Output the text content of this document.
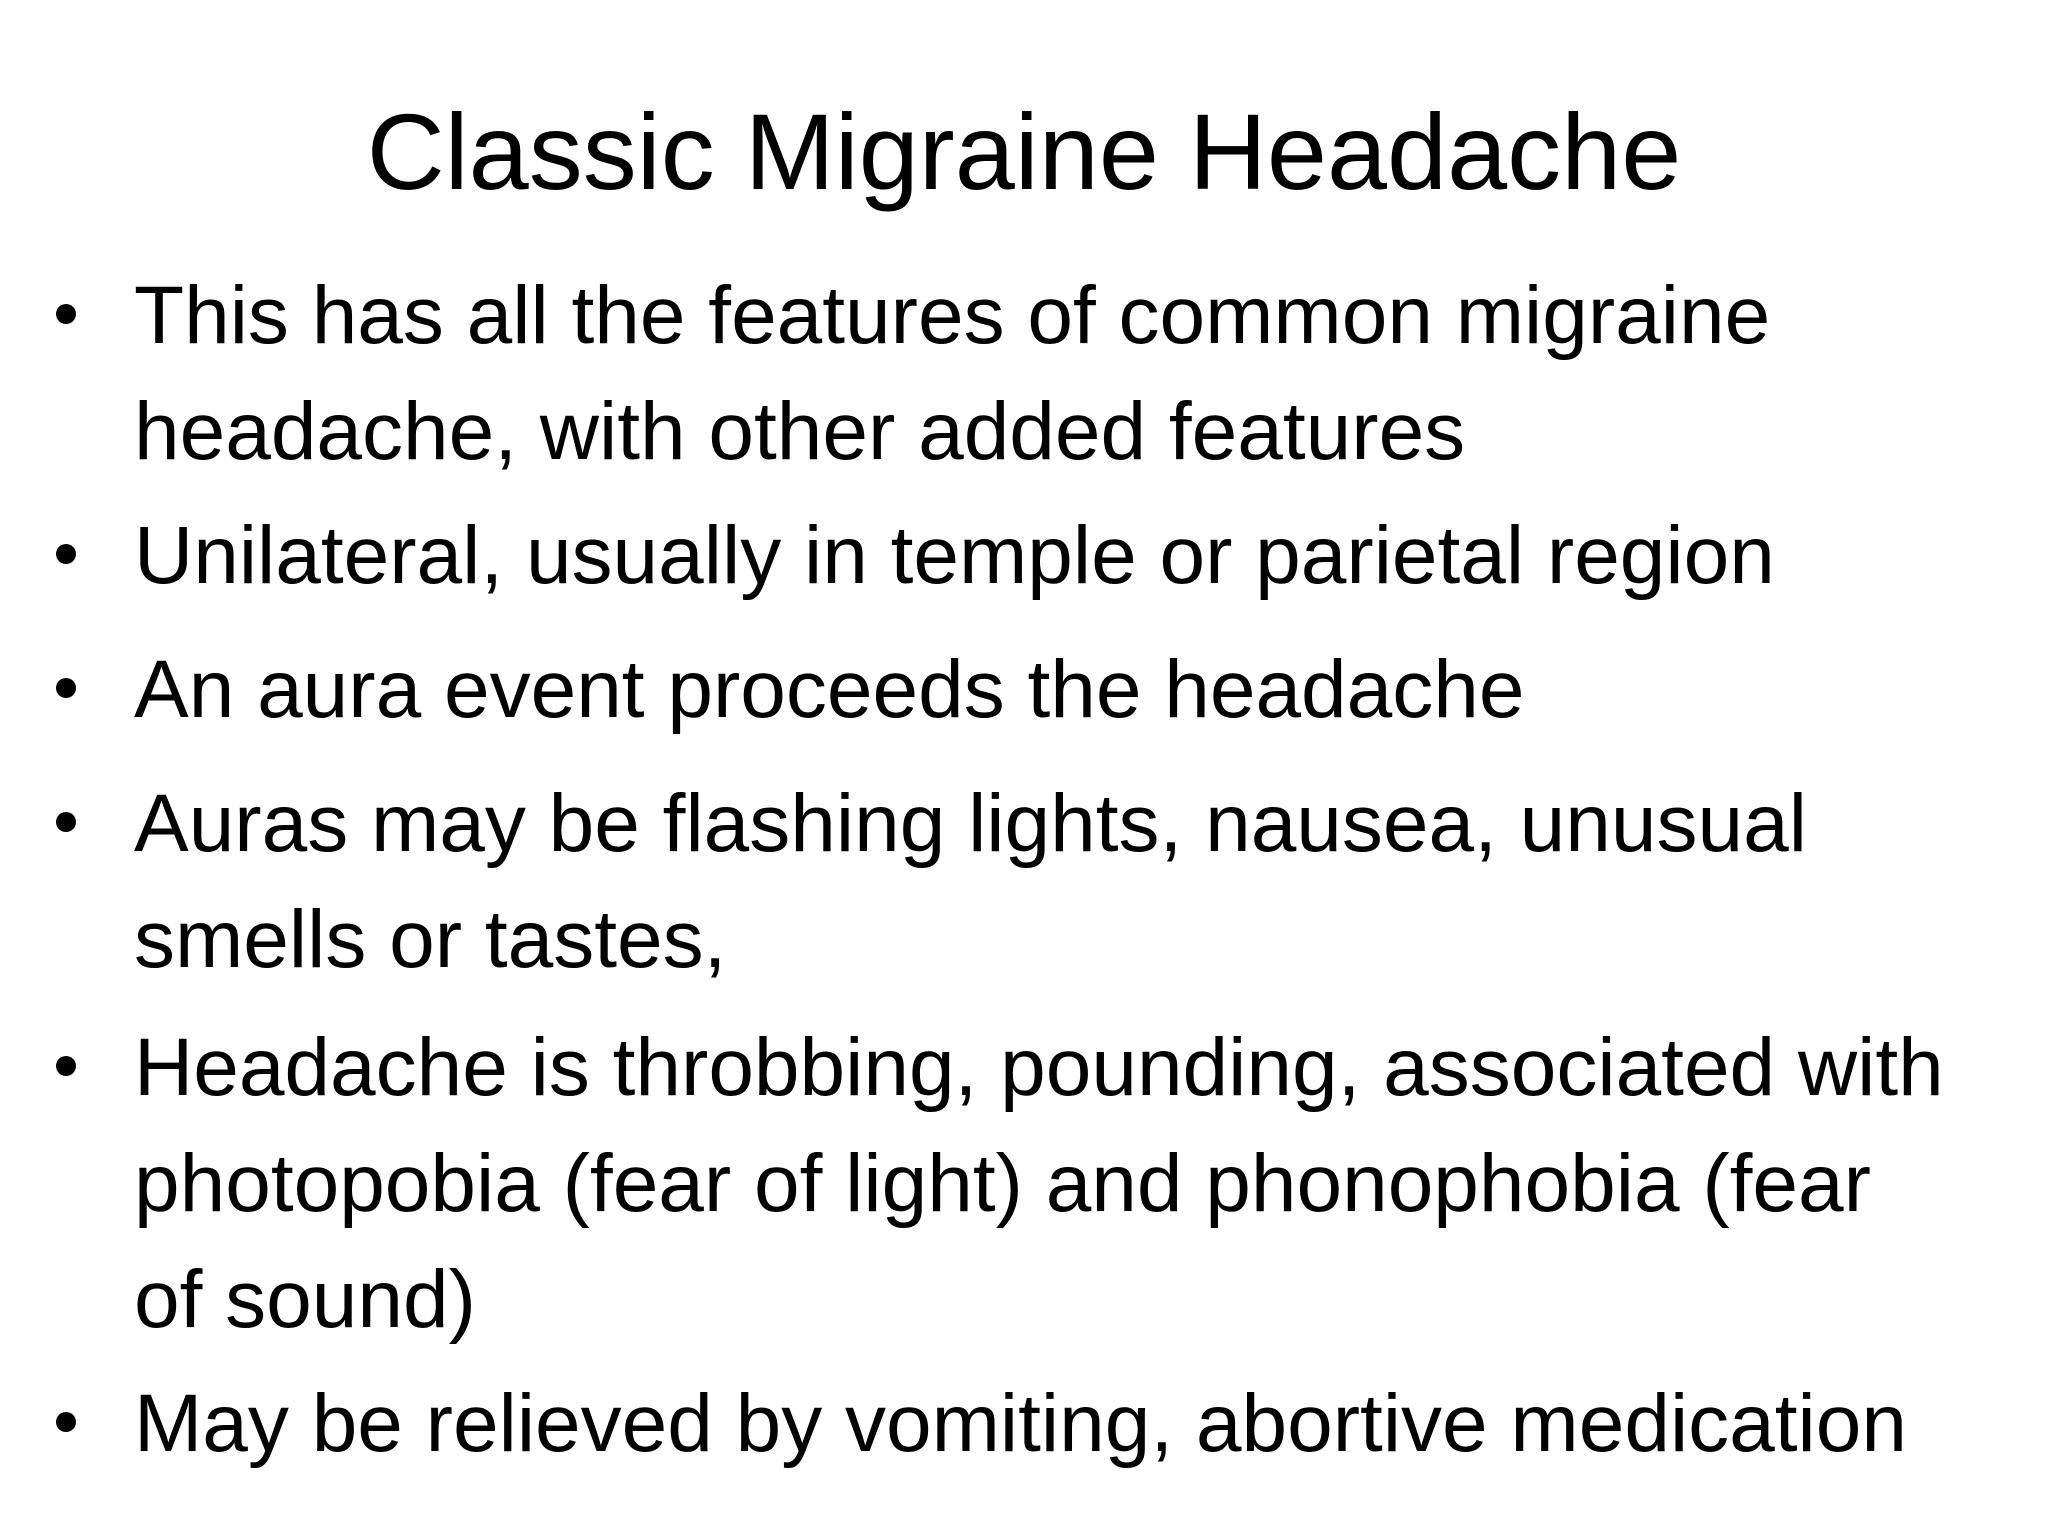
Classic Migraine Headache
This has all the features of common migraine
headache, with other added features
Unilateral, usually in temple or parietal region
An aura event proceeds the headache
Auras may be flashing lights, nausea, unusual
smells or tastes,
Headache is throbbing, pounding, associated with
photopobia (fear of light) and phonophobia (fear
of sound)
May be relieved by vomiting, abortive medication
